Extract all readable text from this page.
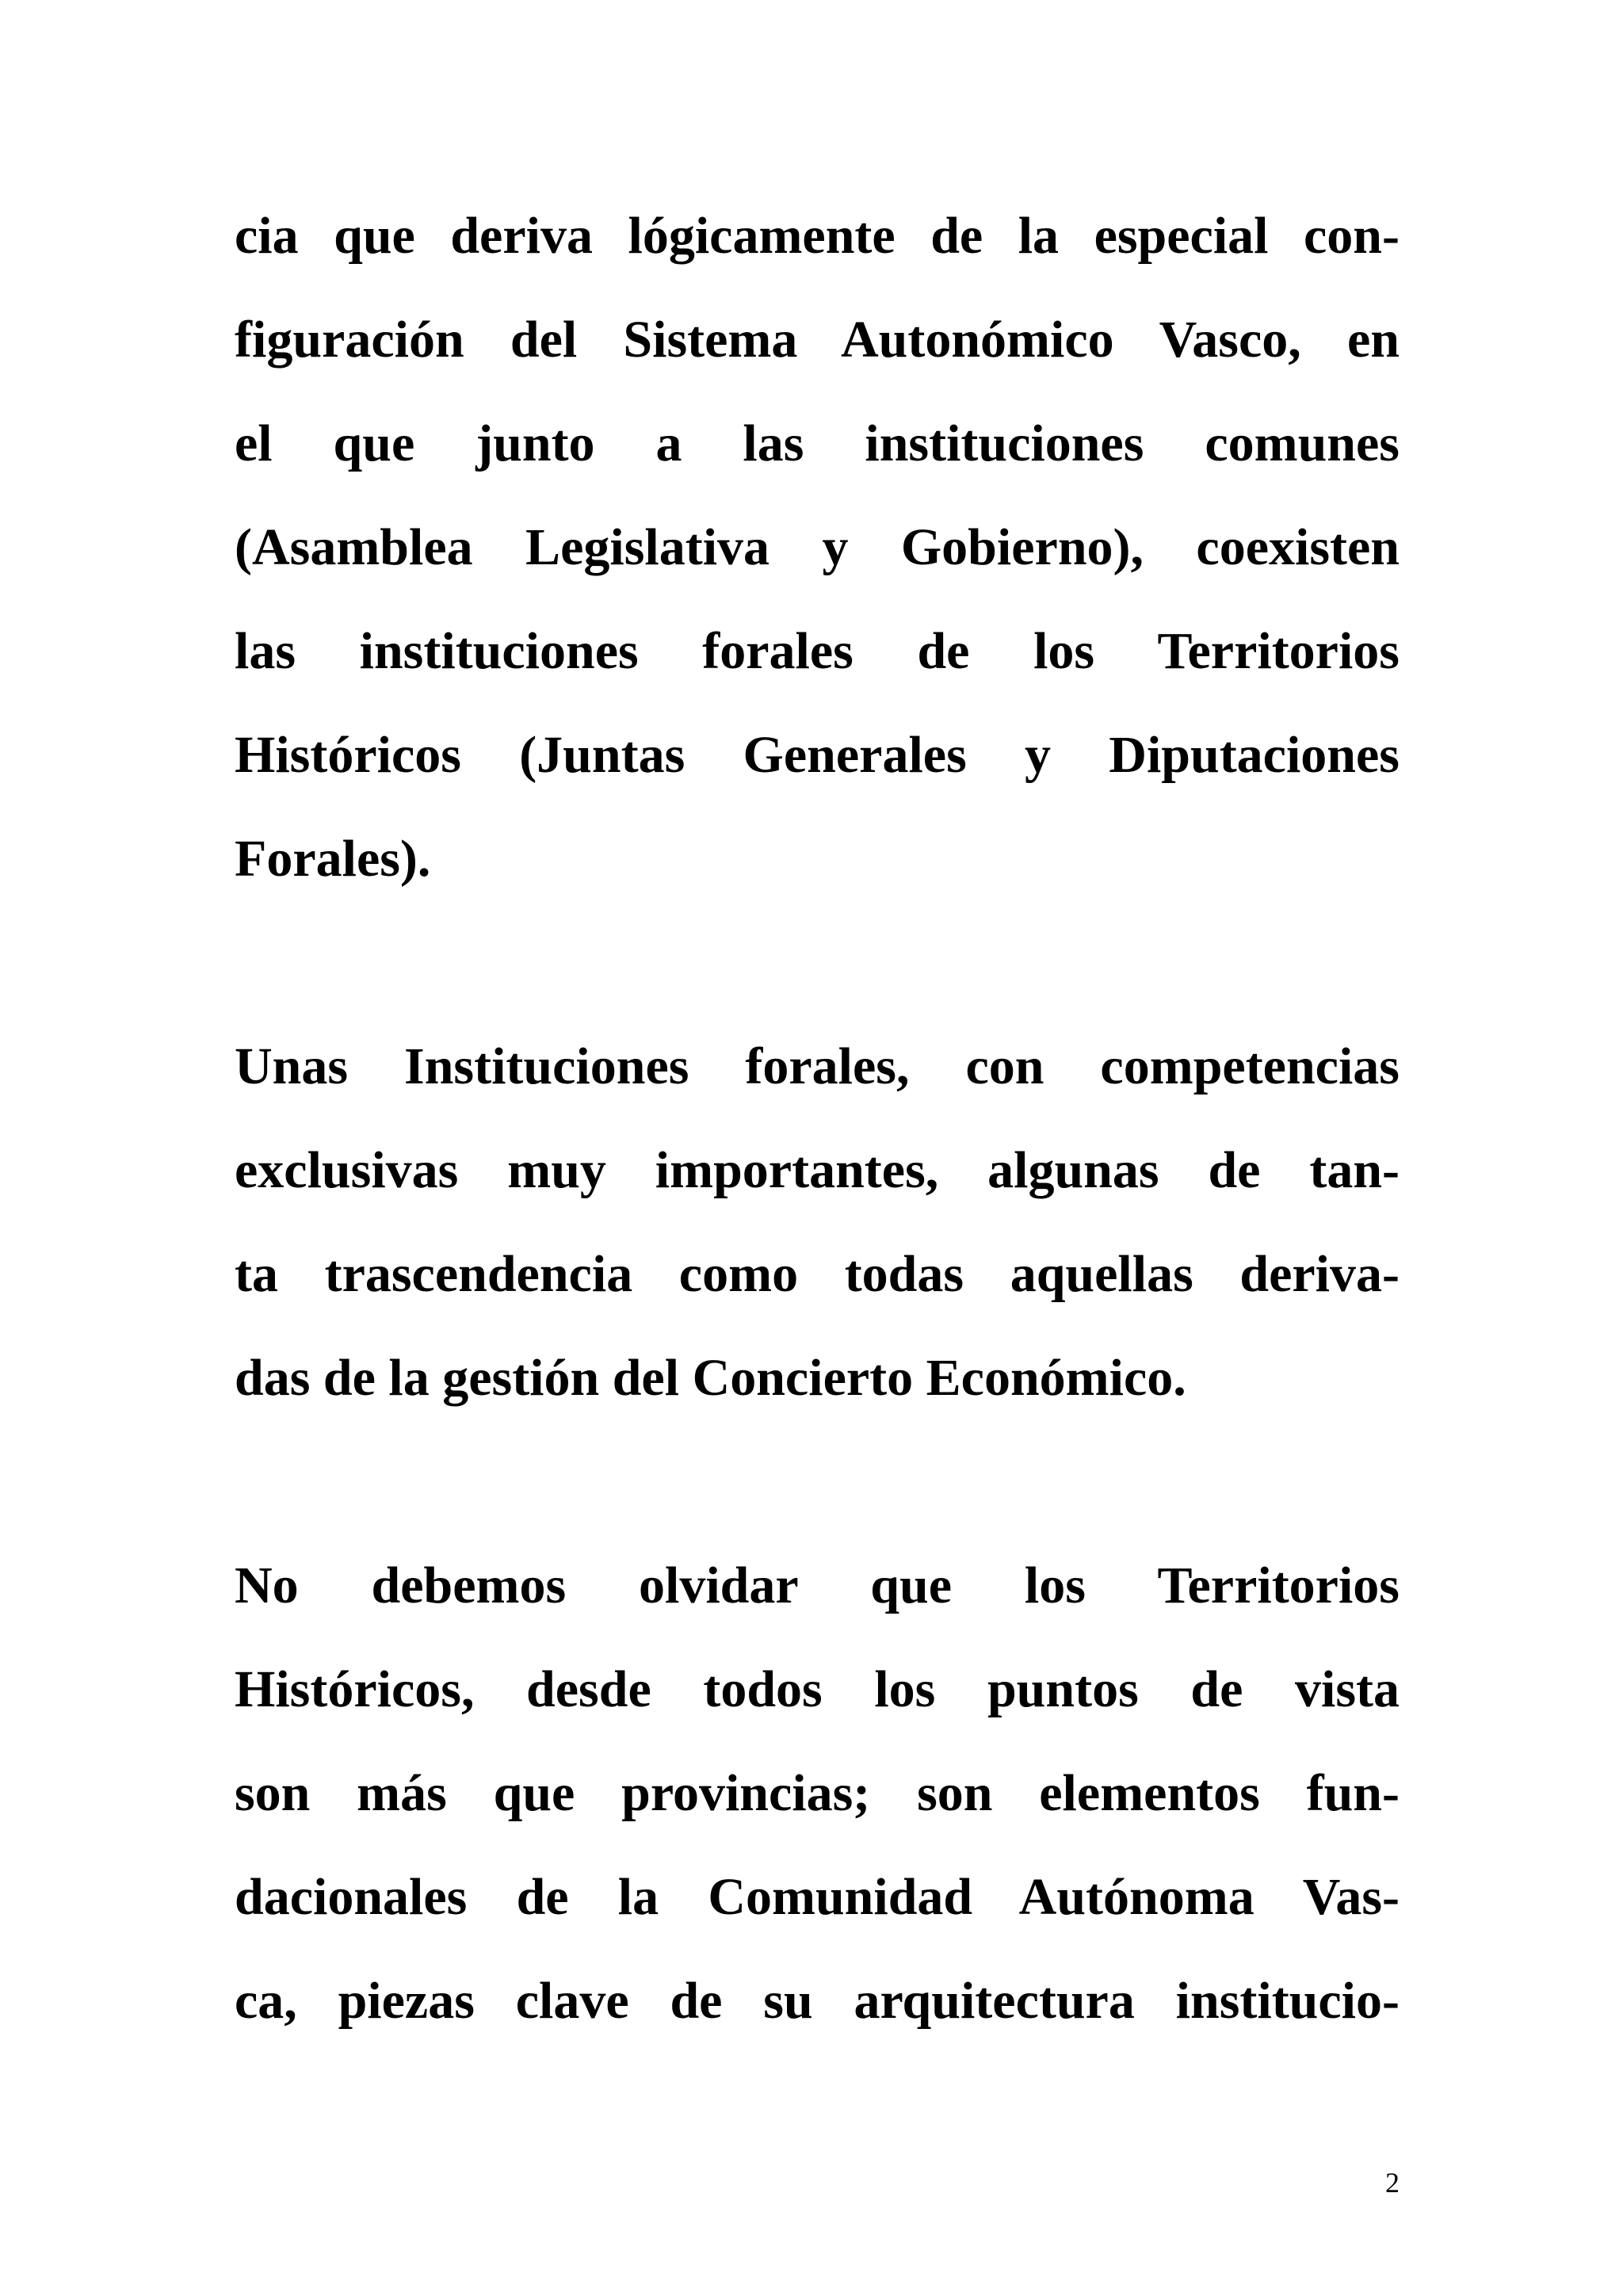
cia que deriva lógicamente de la especial con-
figuración del Sistema Autonómico Vasco, en
el que junto a las instituciones comunes
(Asamblea Legislativa y Gobierno), coexisten
las instituciones forales de los Territorios
Históricos (Juntas Generales y Diputaciones
Forales).
Unas Instituciones forales, con competencias
exclusivas muy importantes, algunas de tan-
ta trascendencia como todas aquellas deriva-
das de la gestión del Concierto Económico.
No debemos olvidar que los Territorios
Históricos, desde todos los puntos de vista
son más que provincias; son elementos fun-
dacionales de la Comunidad Autónoma Vas-
ca, piezas clave de su arquitectura institucio-
2
